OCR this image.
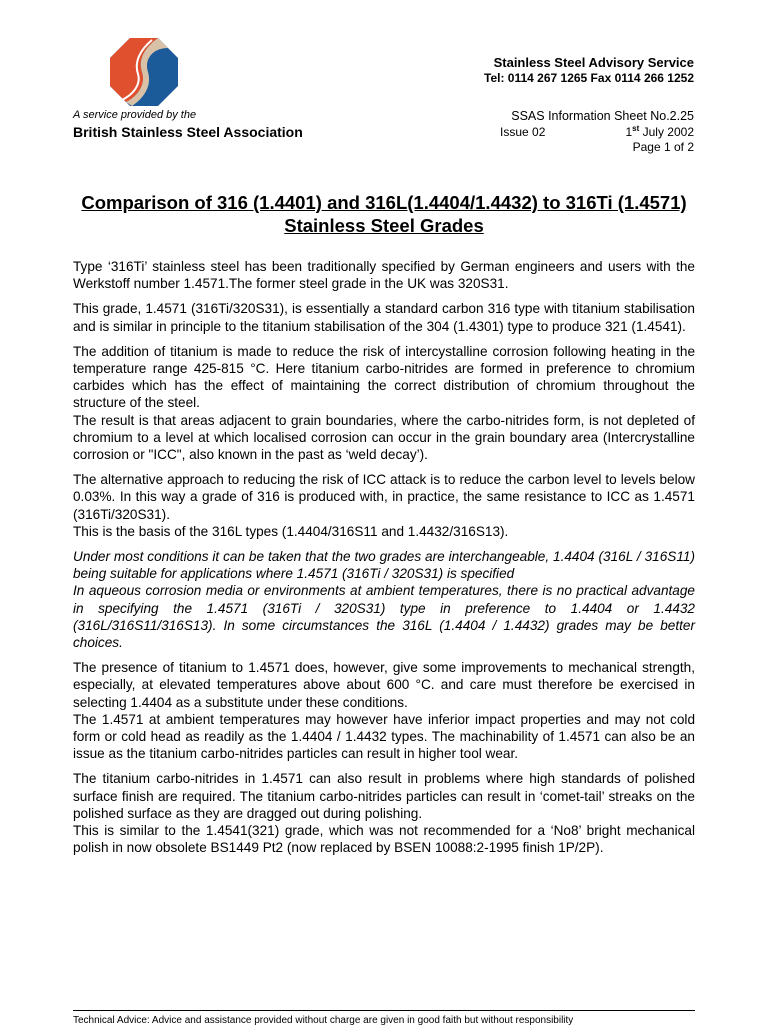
A service provided by the
British Stainless Steel Association
Stainless Steel Advisory Service
Tel: 0114 267 1265 Fax 0114 266 1252
SSAS Information Sheet No.2.25
Issue 02	1st July 2002
Page 1 of 2
Comparison of 316 (1.4401) and 316L(1.4404/1.4432) to 316Ti (1.4571) Stainless Steel Grades

Type ‘316Ti’ stainless steel has been traditionally specified by German engineers and users with the Werkstoff number 1.4571.The former steel grade in the UK was 320S31.

This grade, 1.4571 (316Ti/320S31), is essentially a standard carbon 316 type with titanium stabilisation and is similar in principle to the titanium stabilisation of the 304 (1.4301) type to produce 321 (1.4541).

The addition of titanium is made to reduce the risk of intercystalline corrosion following heating in the temperature range 425-815 °C. Here titanium carbo-nitrides are formed in preference to chromium carbides which has the effect of maintaining the correct distribution of chromium throughout the structure of the steel.

The result is that areas adjacent to grain boundaries, where the carbo-nitrides form, is not depleted of chromium to a level at which localised corrosion can occur in the grain boundary area (Intercrystalline corrosion or "ICC", also known in the past as ‘weld decay’).

The alternative approach to reducing the risk of ICC attack is to reduce the carbon level to levels below 0.03%. In this way a grade of 316 is produced with, in practice, the same resistance to ICC as 1.4571 (316Ti/320S31).

This is the basis of the 316L types (1.4404/316S11 and 1.4432/316S13).

Under most conditions it can be taken that the two grades are interchangeable, 1.4404 (316L / 316S11) being suitable for applications where 1.4571 (316Ti / 320S31) is specified

In aqueous corrosion media or environments at ambient temperatures, there is no practical advantage in specifying the 1.4571 (316Ti / 320S31) type in preference to 1.4404 or 1.4432 (316L/316S11/316S13). In some circumstances the 316L (1.4404 / 1.4432) grades may be better choices.

The presence of titanium to 1.4571 does, however, give some improvements to mechanical strength, especially, at elevated temperatures above about 600 °C. and care must therefore be exercised in selecting 1.4404 as a substitute under these conditions.

The 1.4571 at ambient temperatures may however have inferior impact properties and may not cold form or cold head as readily as the 1.4404 / 1.4432 types. The machinability of 1.4571 can also be an issue as the titanium carbo-nitrides particles can result in higher tool wear.

The titanium carbo-nitrides in 1.4571 can also result in problems where high standards of polished surface finish are required. The titanium carbo-nitrides particles can result in ‘comet-tail’ streaks on the polished surface as they are dragged out during polishing.

This is similar to the 1.4541(321) grade, which was not recommended for a ‘No8’ bright mechanical polish in now obsolete BS1449 Pt2 (now replaced by BSEN 10088:2-1995 finish 1P/2P).

Technical Advice: Advice and assistance provided without charge are given in good faith but without responsibility
